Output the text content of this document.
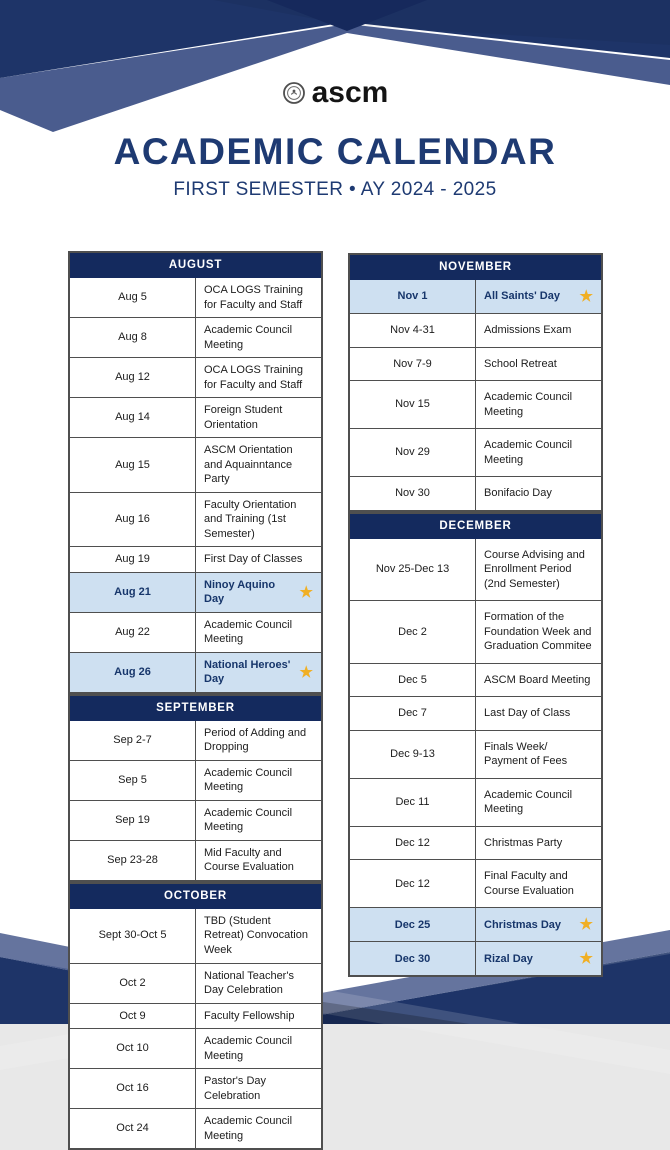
ascm
ACADEMIC CALENDAR
FIRST SEMESTER • AY 2024 - 2025
AUGUST	
Aug 5	OCA LOGS Training for Faculty and Staff

Aug 8	Academic Council Meeting

Aug 12	OCA LOGS Training for Faculty and Staff

Aug 14	Foreign Student Orientation

Aug 15	ASCM Orientation and Aquainntance Party

Aug 16	Faculty Orientation and Training (1st Semester)

Aug 19	First Day of Classes

Aug 21	Ninoy Aquino Day ★

Aug 22	Academic Council Meeting

Aug 26	National Heroes' Day ★
SEPTEMBER	
Sep 2-7	Period of Adding and Dropping

Sep 5	Academic Council Meeting

Sep 19	Academic Council Meeting

Sep 23-28	Mid Faculty and Course Evaluation
OCTOBER	
Sept 30-Oct 5	TBD (Student Retreat) Convocation Week

Oct 2	National Teacher's Day Celebration

Oct 9	Faculty Fellowship

Oct 10	Academic Council Meeting

Oct 16	Pastor's Day Celebration

Oct 24	Academic Council Meeting
NOVEMBER	
Nov 1	All Saints' Day ★

Nov 4-31	Admissions Exam

Nov 7-9	School Retreat

Nov 15	Academic Council Meeting

Nov 29	Academic Council Meeting

Nov 30	Bonifacio Day
DECEMBER	
Nov 25-Dec 13	Course Advising and Enrollment Period (2nd Semester)

Dec 2	Formation of the Foundation Week and Graduation Commitee

Dec 5	ASCM Board Meeting

Dec 7	Last Day of Class

Dec 9-13	Finals Week/ Payment of Fees

Dec 11	Academic Council Meeting

Dec 12	Christmas Party

Dec 12	Final Faculty and Course Evaluation

Dec 25	Christmas Day ★

Dec 30	Rizal Day ★
